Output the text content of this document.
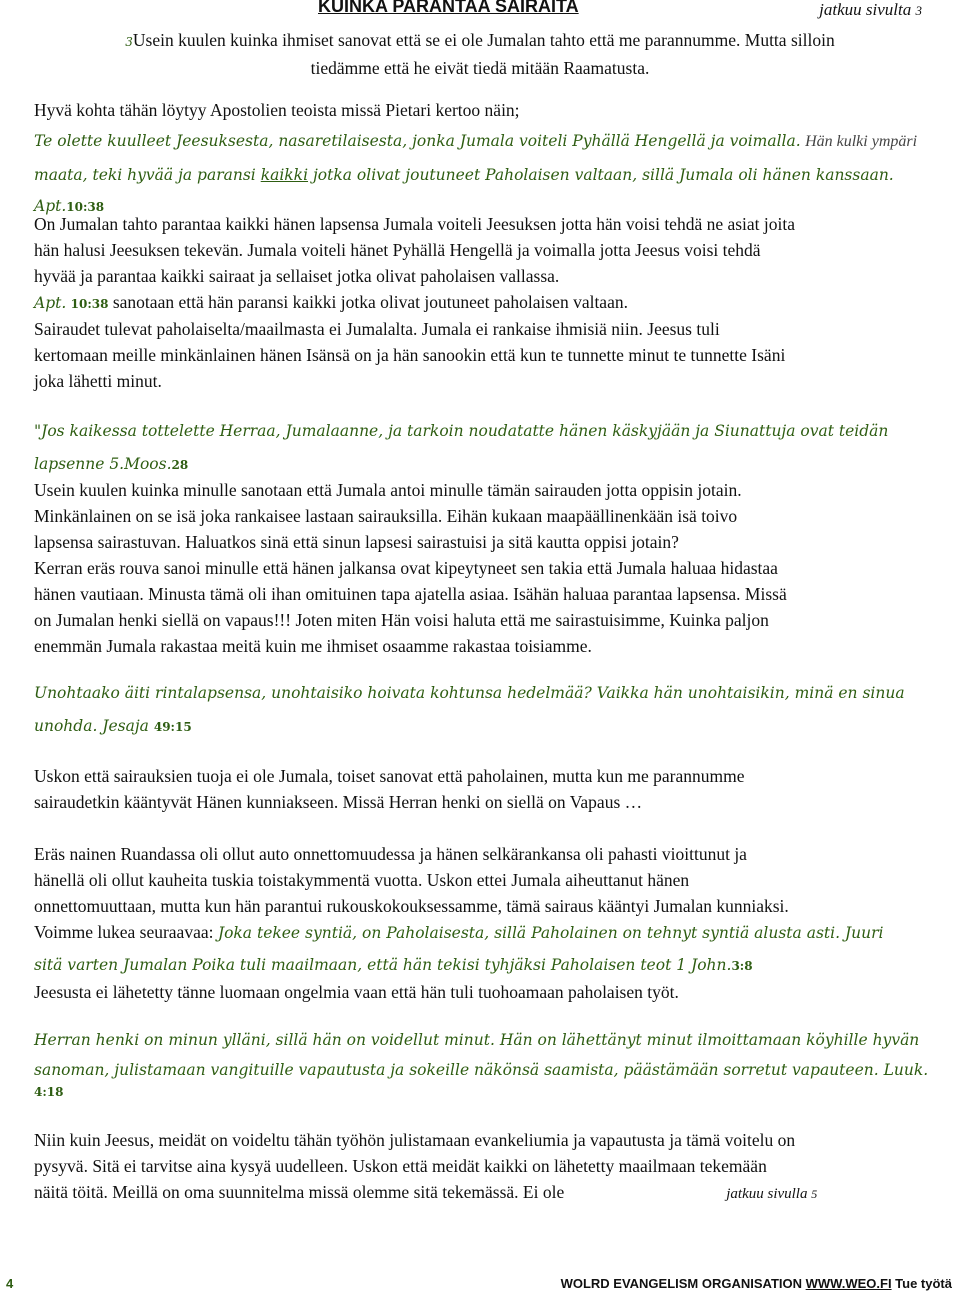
KUINKA PARANTAA SAIRAITA	jatkuu sivulta 3
3Usein kuulen kuinka ihmiset sanovat että se ei ole Jumalan tahto että me parannumme. Mutta silloin
tiedämme että he eivät tiedä mitään Raamatusta.
Hyvä kohta tähän löytyy Apostolien teoista missä Pietari kertoo näin;
Te olette kuulleet Jeesuksesta, nasaretilaisesta, jonka Jumala voiteli Pyhällä Hengellä ja voimalla. Hän kulki ympäri
maata, teki hyvää ja paransi kaikki jotka olivat joutuneet Paholaisen valtaan, sillä Jumala oli hänen kanssaan.
Apt.10:38
On Jumalan tahto parantaa kaikki hänen lapsensa Jumala voiteli Jeesuksen jotta hän voisi tehdä ne asiat joita
hän halusi Jeesuksen tekevän. Jumala voiteli hänet Pyhällä Hengellä ja voimalla jotta Jeesus voisi tehdä
hyvää ja parantaa kaikki sairaat ja sellaiset jotka olivat paholaisen vallassa.
Apt. 10:38 sanotaan että hän paransi kaikki jotka olivat joutuneet paholaisen valtaan.
Sairaudet tulevat paholaiselta/maailmasta ei Jumalalta. Jumala ei rankaise ihmisiä niin. Jeesus tuli
kertomaan meille minkänlainen hänen Isänsä on ja hän sanookin että kun te tunnette minut te tunnette Isäni
joka lähetti minut.
"Jos kaikessa tottelette Herraa, Jumalaanne, ja tarkoin noudatatte hänen käskyjään ja Siunattuja ovat teidän
lapsenne 5.Moos.28
Usein kuulen kuinka minulle sanotaan että Jumala antoi minulle tämän sairauden jotta oppisin jotain.
Minkänlainen on se isä joka rankaisee lastaan sairauksilla. Eihän kukaan maapäällinenkään isä toivo
lapsensa sairastuvan. Haluatkos sinä että sinun lapsesi sairastuisi ja sitä kautta oppisi jotain?
Kerran eräs rouva sanoi minulle että hänen jalkansa ovat kipeytyneet sen takia että Jumala haluaa hidastaa
hänen vautiaan. Minusta tämä oli ihan omituinen tapa ajatella asiaa. Isähän haluaa parantaa lapsensa. Missä
on Jumalan henki siellä on vapaus!!! Joten miten Hän voisi haluta että me sairastuisimme, Kuinka paljon
enemmän Jumala rakastaa meitä kuin me ihmiset osaamme rakastaa toisiamme.
Unohtaako äiti rintalapsensa, unohtaisiko hoivata kohtunsa hedelmää? Vaikka hän unohtaisikin, minä en sinua
unohda. Jesaja 49:15
Uskon että sairauksien tuoja ei ole Jumala, toiset sanovat että paholainen, mutta kun me parannumme
sairaudetkin kääntyvät Hänen kunniakseen. Missä Herran henki on siellä on Vapaus …
Eräs nainen Ruandassa oli ollut auto onnettomuudessa ja hänen selkärankansa oli pahasti vioittunut ja
hänellä oli ollut kauheita tuskia toistakymmentä vuotta. Uskon ettei Jumala aiheuttanut hänen
onnettomuuttaan, mutta kun hän parantui rukouskokouksessamme, tämä sairaus kääntyi Jumalan kunniaksi.
Voimme lukea seuraavaa: Joka tekee syntiä, on Paholaisesta, sillä Paholainen on tehnyt syntiä alusta asti. Juuri
sitä varten Jumalan Poika tuli maailmaan, että hän tekisi tyhjäksi Paholaisen teot 1 John.3:8
Jeesusta ei lähetetty tänne luomaan ongelmia vaan että hän tuli tuohoamaan paholaisen työt.
Herran henki on minun ylläni, sillä hän on voidellut minut. Hän on lähettänyt minut ilmoittamaan köyhille hyvän
sanoman, julistamaan vangituille vapautusta ja sokeille näkönsä saamista, päästämään sorretut vapauteen. Luuk.
4:18
Niin kuin Jeesus, meidät on voideltu tähän työhön julistamaan evankeliumia ja vapautusta ja tämä voitelu on
pysyvä. Sitä ei tarvitse aina kysyä uudelleen. Uskon että meidät kaikki on lähetetty maailmaan tekemään
näitä töitä. Meillä on oma suunnitelma missä olemme sitä tekemässä. Ei ole	jatkuu sivulla 5
4	WOLRD EVANGELISM ORGANISATION WWW.WEO.FI Tue työtä
